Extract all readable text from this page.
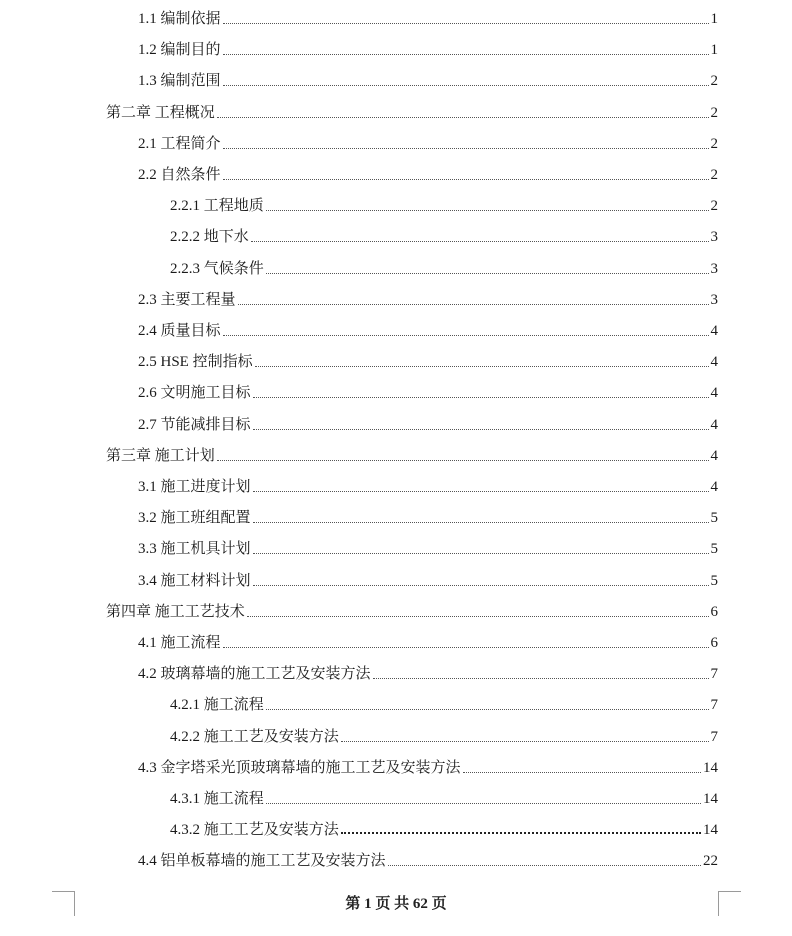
1.1 编制依据	1
1.2 编制目的	1
1.3 编制范围	2
第二章 工程概况	2
2.1 工程简介	2
2.2 自然条件	2
2.2.1 工程地质	2
2.2.2 地下水	3
2.2.3 气候条件	3
2.3 主要工程量	3
2.4 质量目标	4
2.5 HSE 控制指标	4
2.6 文明施工目标	4
2.7 节能减排目标	4
第三章 施工计划	4
3.1 施工进度计划	4
3.2 施工班组配置	5
3.3 施工机具计划	5
3.4 施工材料计划	5
第四章 施工工艺技术	6
4.1 施工流程	6
4.2 玻璃幕墙的施工工艺及安装方法	7
4.2.1 施工流程	7
4.2.2 施工工艺及安装方法	7
4.3 金字塔采光顶玻璃幕墙的施工工艺及安装方法	14
4.3.1 施工流程	14
4.3.2 施工工艺及安装方法	14
4.4 铝单板幕墙的施工工艺及安装方法	22
第 1 页 共 62 页
